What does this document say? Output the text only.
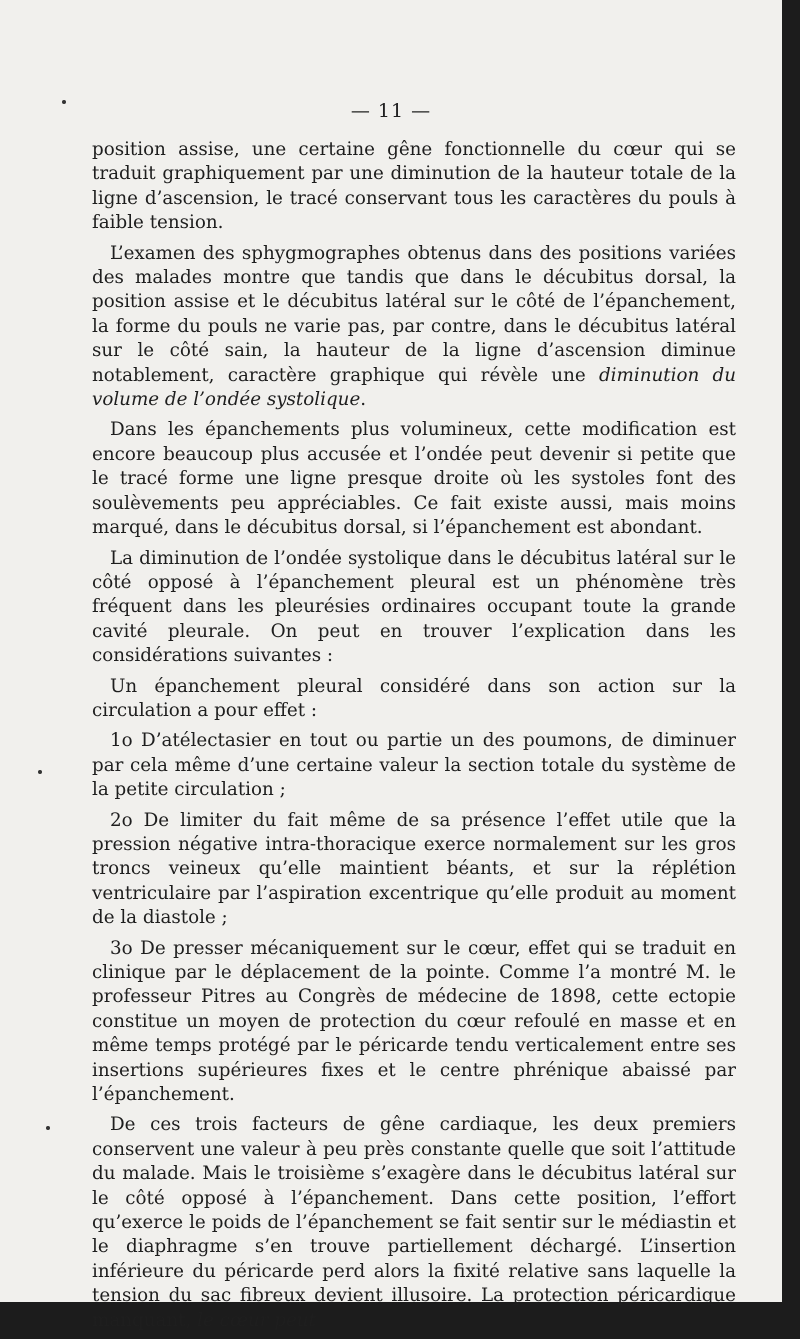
— 11 —

position assise, une certaine gêne fonctionnelle du cœur qui se traduit graphiquement par une diminution de la hauteur totale de la ligne d’ascension, le tracé conservant tous les caractères du pouls à faible tension.

L’examen des sphygmographes obtenus dans des positions variées des malades montre que tandis que dans le décubitus dorsal, la position assise et le décubitus latéral sur le côté de l’épanchement, la forme du pouls ne varie pas, par contre, dans le décubitus latéral sur le côté sain, la hauteur de la ligne d’ascension diminue notablement, caractère graphique qui révèle une diminution du volume de l’ondée systolique.

Dans les épanchements plus volumineux, cette modification est encore beaucoup plus accusée et l’ondée peut devenir si petite que le tracé forme une ligne presque droite où les systoles font des soulèvements peu appréciables. Ce fait existe aussi, mais moins marqué, dans le décubitus dorsal, si l’épanchement est abondant.

La diminution de l’ondée systolique dans le décubitus latéral sur le côté opposé à l’épanchement pleural est un phénomène très fréquent dans les pleurésies ordinaires occupant toute la grande cavité pleurale. On peut en trouver l’explication dans les considérations suivantes :

Un épanchement pleural considéré dans son action sur la circulation a pour effet :

1o D’atélectasier en tout ou partie un des poumons, de diminuer par cela même d’une certaine valeur la section totale du système de la petite circulation ;

2o De limiter du fait même de sa présence l’effet utile que la pression négative intra-thoracique exerce normalement sur les gros troncs veineux qu’elle maintient béants, et sur la réplétion ventriculaire par l’aspiration excentrique qu’elle produit au moment de la diastole ;

3o De presser mécaniquement sur le cœur, effet qui se traduit en clinique par le déplacement de la pointe. Comme l’a montré M. le professeur Pitres au Congrès de médecine de 1898, cette ectopie constitue un moyen de protection du cœur refoulé en masse et en même temps protégé par le péricarde tendu verticalement entre ses insertions supérieures fixes et le centre phrénique abaissé par l’épanchement.

De ces trois facteurs de gêne cardiaque, les deux premiers conservent une valeur à peu près constante quelle que soit l’attitude du malade. Mais le troisième s’exagère dans le décubitus latéral sur le côté opposé à l’épanchement. Dans cette position, l’effort qu’exerce le poids de l’épanchement se fait sentir sur le médiastin et le diaphragme s’en trouve partiellement déchargé. L’insertion inférieure du péricarde perd alors la fixité relative sans laquelle la tension du sac fibreux devient illusoire. La protection péricardique manquant, le cœur peut
